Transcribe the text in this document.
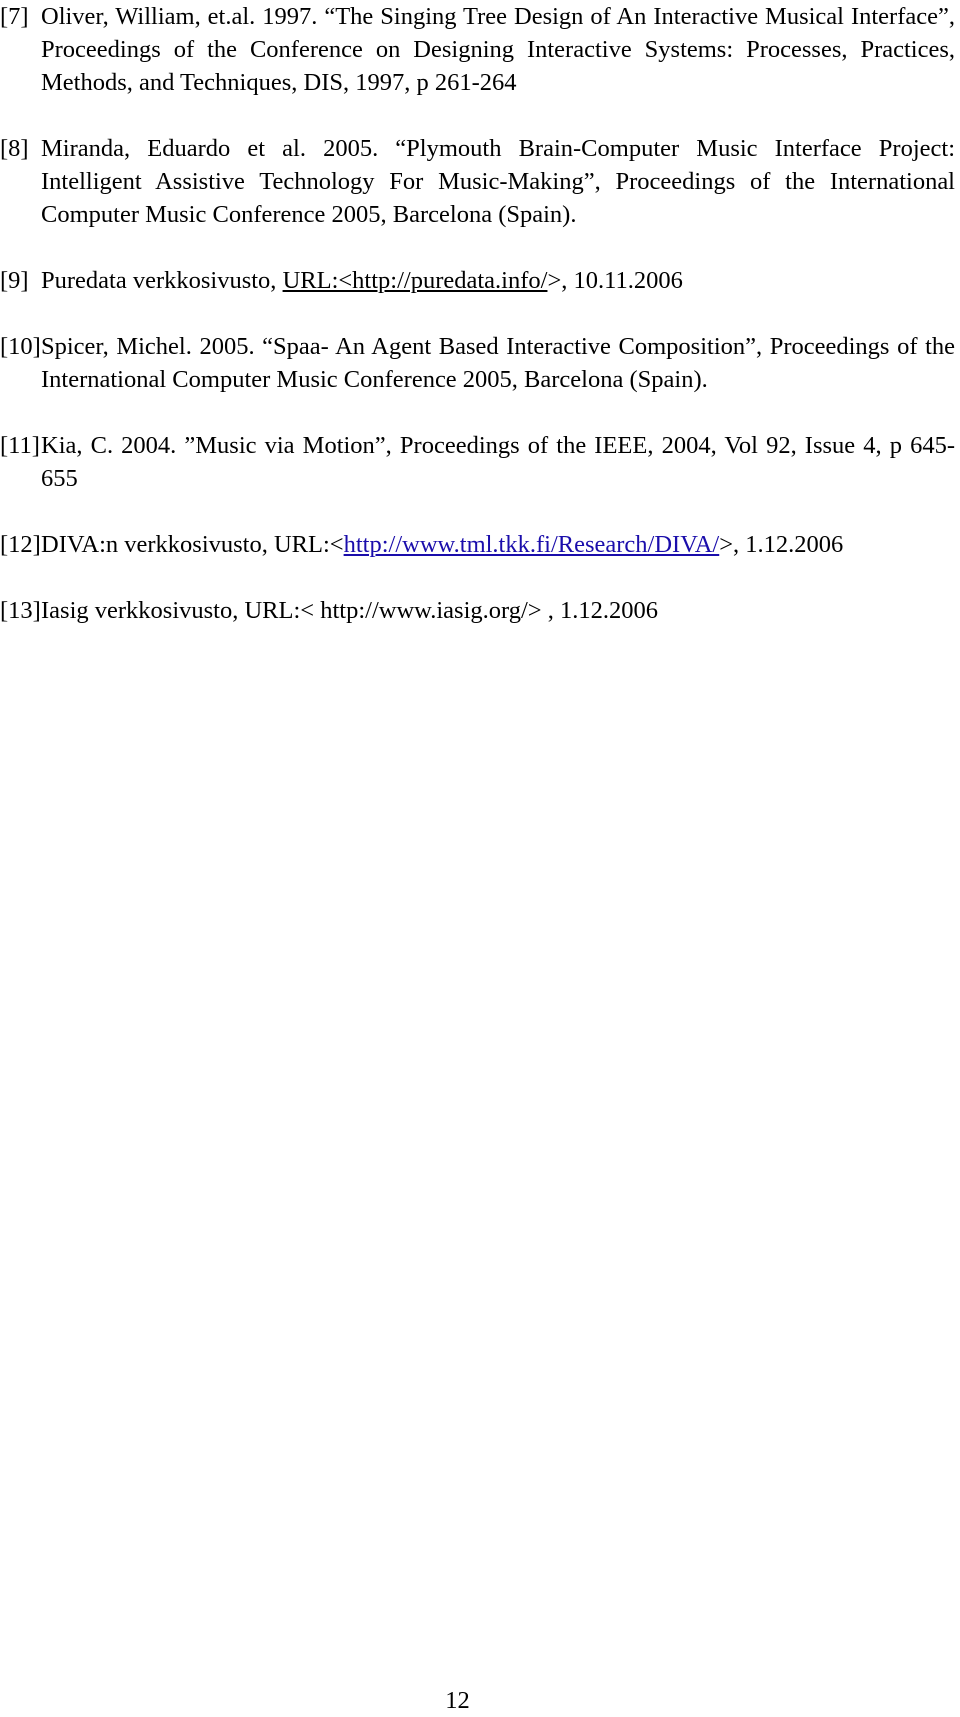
[7] Oliver, William, et.al. 1997. “The Singing Tree Design of An Interactive Musical Interface”, Proceedings of the Conference on Designing Interactive Systems: Processes, Practices, Methods, and Techniques, DIS, 1997, p 261-264
[8] Miranda, Eduardo et al. 2005. “Plymouth Brain-Computer Music Interface Project: Intelligent Assistive Technology For Music-Making”, Proceedings of the International Computer Music Conference 2005, Barcelona (Spain).
[9] Puredata verkkosivusto, URL:<http://puredata.info/>, 10.11.2006
[10] Spicer, Michel. 2005. “Spaa- An Agent Based Interactive Composition”, Proceedings of the International Computer Music Conference 2005, Barcelona (Spain).
[11] Kia, C. 2004. ”Music via Motion”, Proceedings of the IEEE, 2004, Vol 92, Issue 4, p 645- 655
[12] DIVA:n verkkosivusto, URL:<http://www.tml.tkk.fi/Research/DIVA/>, 1.12.2006
[13] Iasig verkkosivusto, URL:< http://www.iasig.org/> , 1.12.2006
12
